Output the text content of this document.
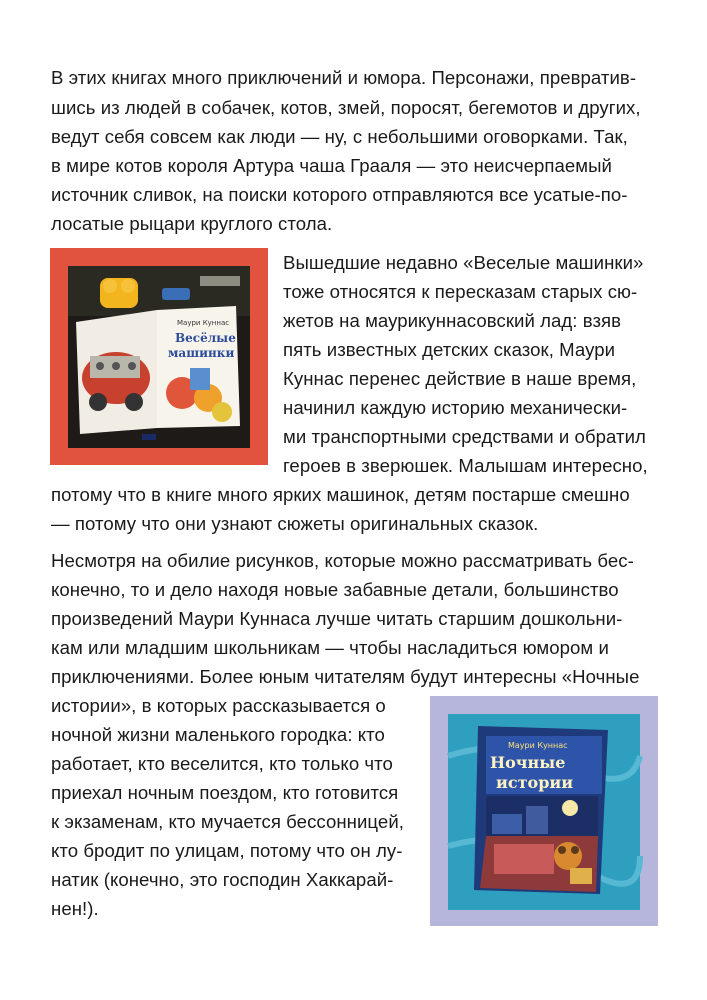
В этих книгах много приключений и юмора. Персонажи, превратив-
шись из людей в собачек, котов, змей, поросят, бегемотов и других,
ведут себя совсем как люди — ну, с небольшими оговорками. Так,
в мире котов короля Артура чаша Грааля — это неисчерпаемый
источник сливок, на поиски которого отправляются все усатые-по-
лосатые рыцари круглого стола.
Маури Куннас
Весёлые
машинки
Вышедшие недавно «Веселые машинки»
тоже относятся к пересказам старых сю-
жетов на маурикуннасовский лад: взяв
пять известных детских сказок, Маури
Куннас перенес действие в наше время,
начинил каждую историю механически-
ми транспортными средствами и обратил
героев в зверюшек. Малышам интересно,
потому что в книге много ярких машинок, детям постарше смешно
— потому что они узнают сюжеты оригинальных сказок.
Несмотря на обилие рисунков, которые можно рассматривать бес-
конечно, то и дело находя новые забавные детали, большинство
произведений Маури Куннаса лучше читать старшим дошкольни-
кам или младшим школьникам — чтобы насладиться юмором и
приключениями. Более юным читателям будут интересны «Ночные
истории», в которых рассказывается о
ночной жизни маленького городка: кто
работает, кто веселится, кто только что
приехал ночным поездом, кто готовится
к экзаменам, кто мучается бессонницей,
кто бродит по улицам, потому что он лу-
натик (конечно, это господин Хаккарай-
нен!).
Маури Куннас
Ночные
истории
